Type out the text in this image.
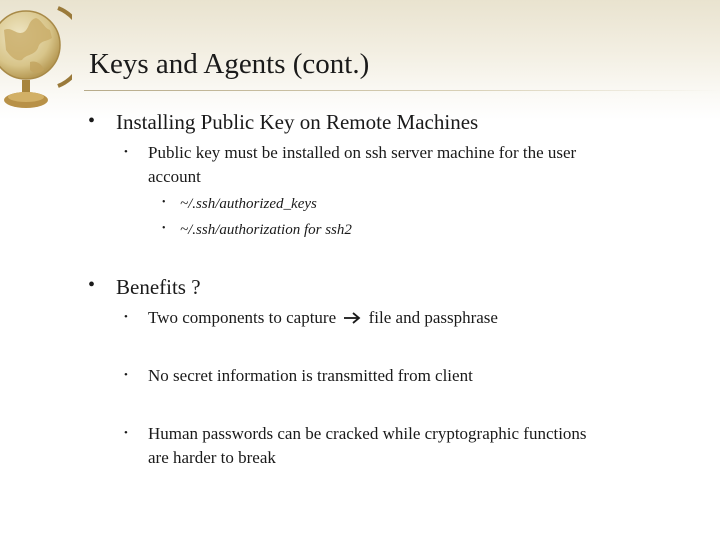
Keys and Agents (cont.)
• Installing Public Key on Remote Machines
• Public key must be installed on ssh server machine for the user
account
• ~/.ssh/authorized_keys
• ~/.ssh/authorization for ssh2
• Benefits ?
• Two components to capture file and passphrase
• No secret information is transmitted from client
• Human passwords can be cracked while cryptographic functions
are harder to break
